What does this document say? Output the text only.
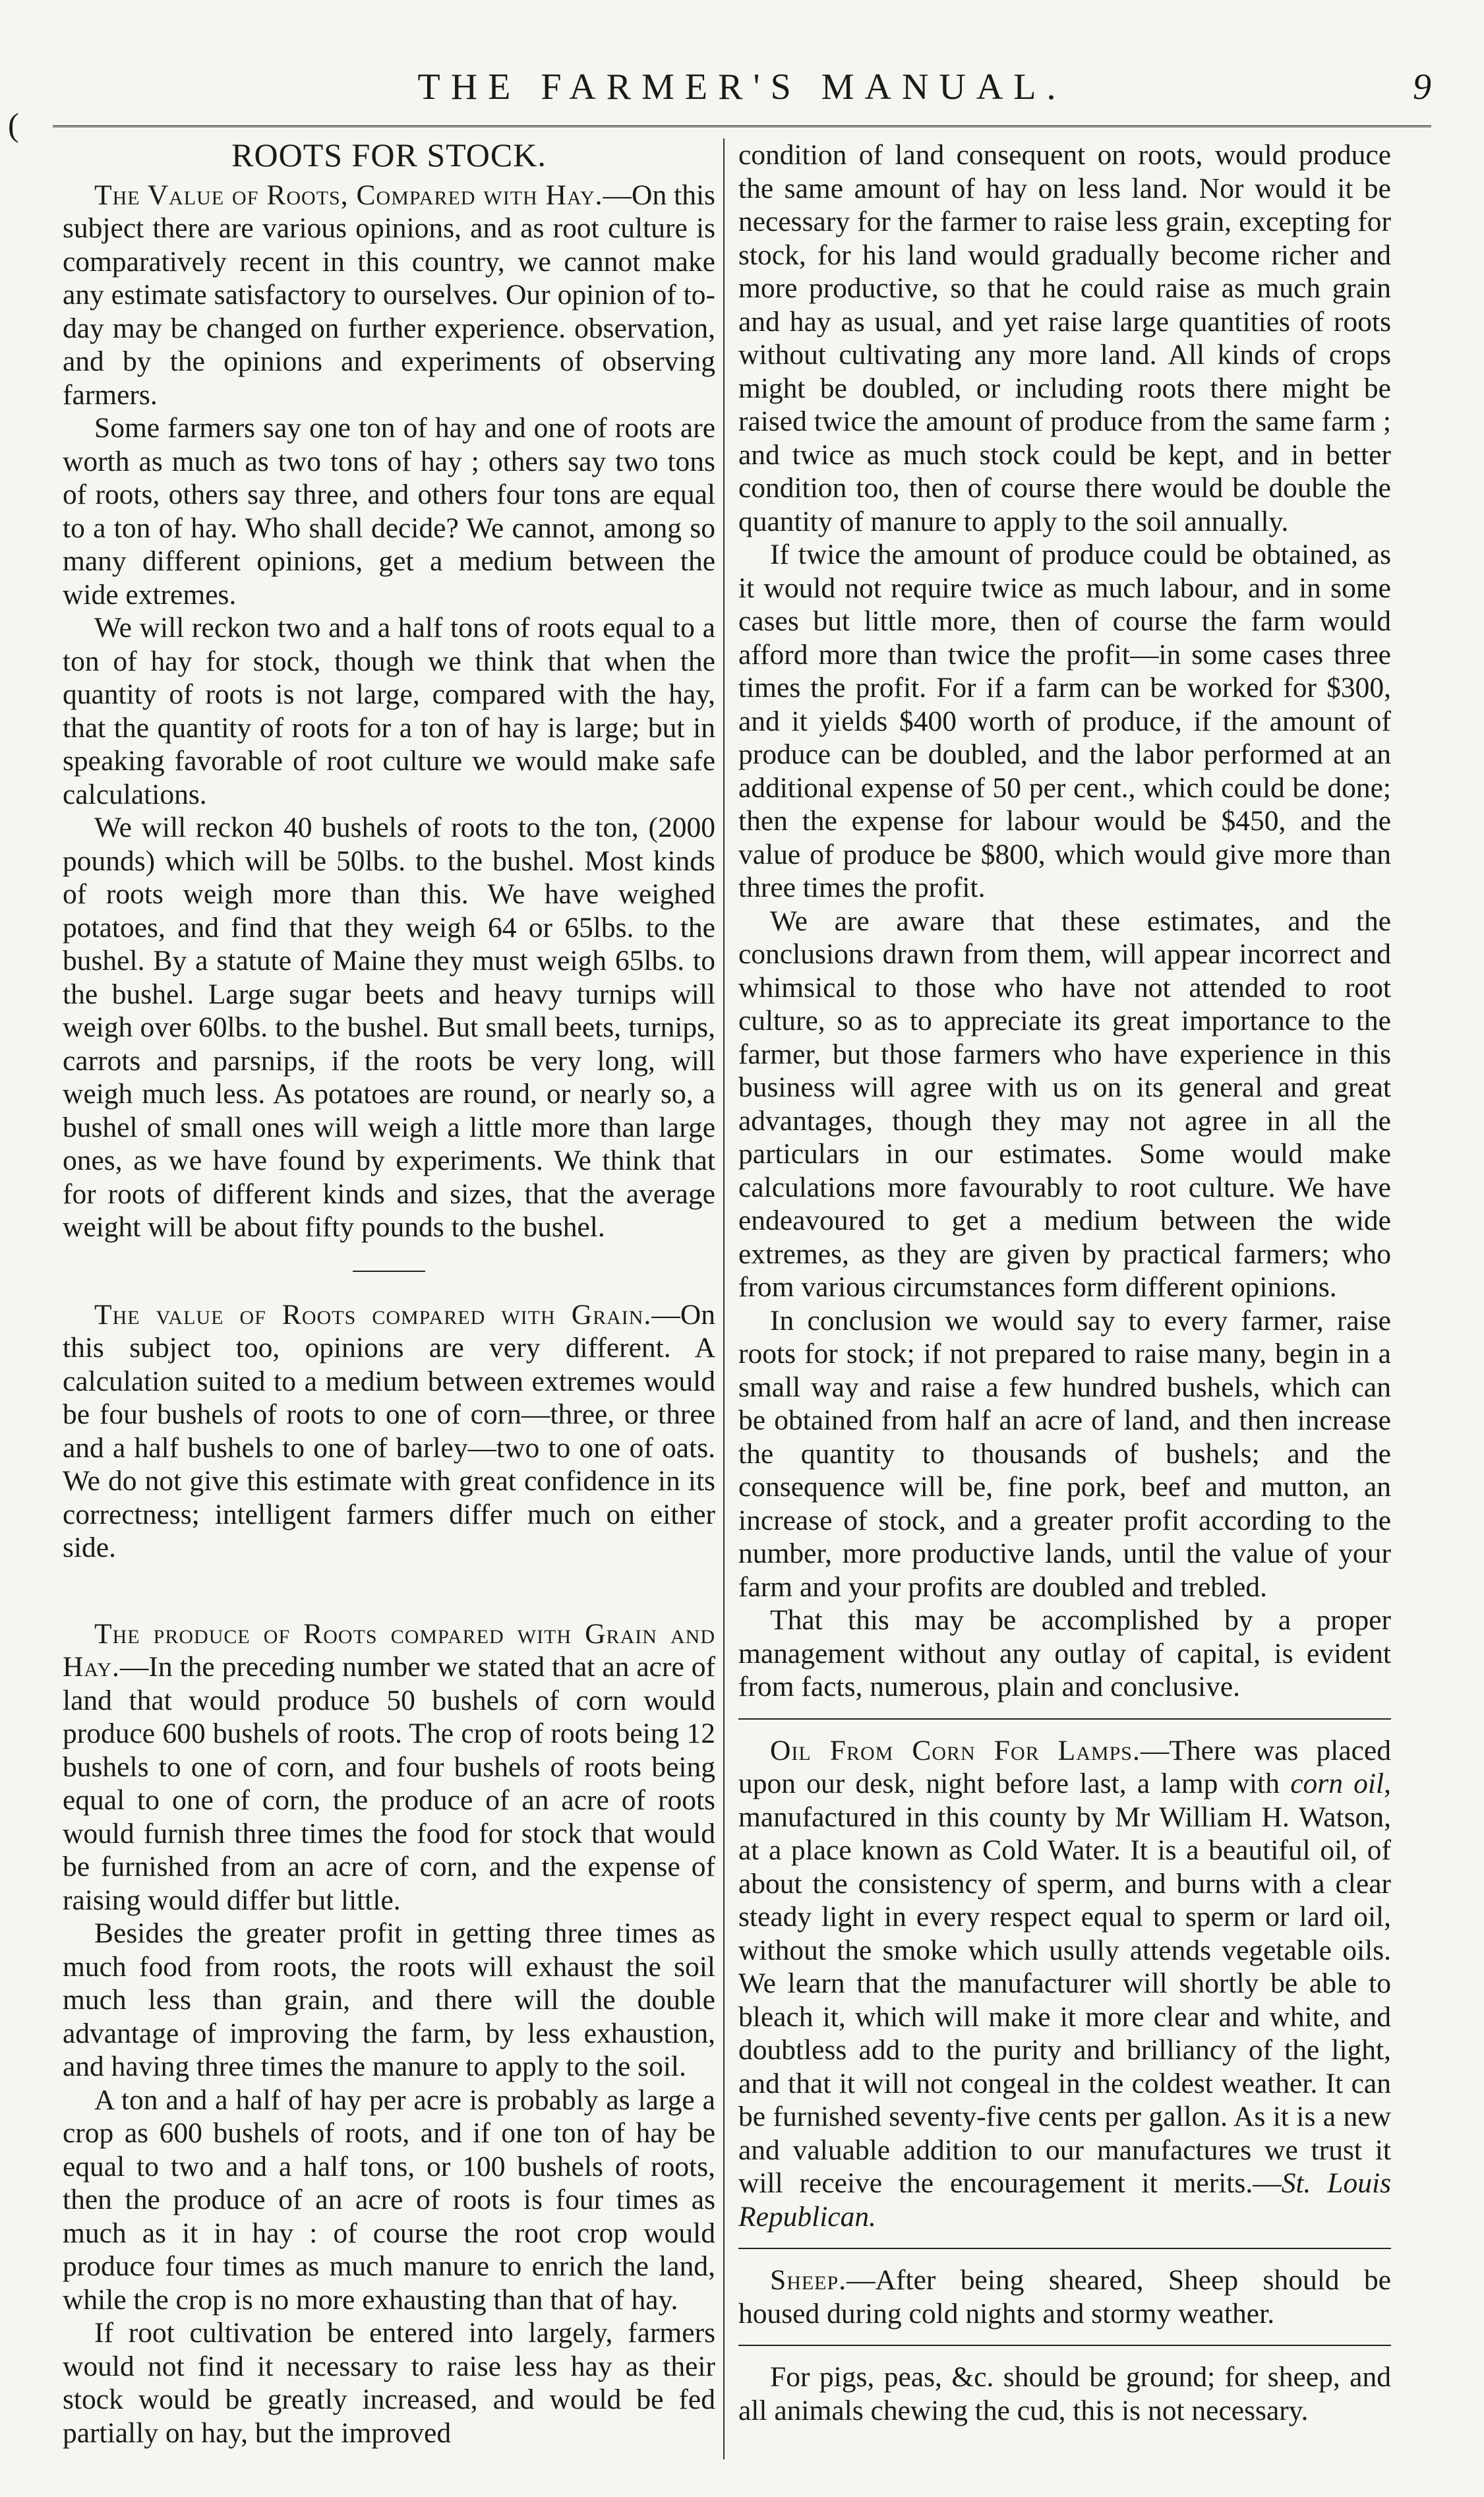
THE FARMER'S MANUAL.	9
(
ROOTS FOR STOCK.

The Value of Roots, Compared with Hay.—On this subject there are various opinions, and as root culture is comparatively recent in this country, we cannot make any estimate satisfactory to ourselves. Our opinion of to-day may be changed on further experience. observation, and by the opinions and experiments of observing farmers.

Some farmers say one ton of hay and one of roots are worth as much as two tons of hay ; others say two tons of roots, others say three, and others four tons are equal to a ton of hay. Who shall decide? We cannot, among so many different opinions, get a medium between the wide extremes.

We will reckon two and a half tons of roots equal to a ton of hay for stock, though we think that when the quantity of roots is not large, compared with the hay, that the quantity of roots for a ton of hay is large; but in speaking favorable of root culture we would make safe calculations.

We will reckon 40 bushels of roots to the ton, (2000 pounds) which will be 50lbs. to the bushel. Most kinds of roots weigh more than this. We have weighed potatoes, and find that they weigh 64 or 65lbs. to the bushel. By a statute of Maine they must weigh 65lbs. to the bushel. Large sugar beets and heavy turnips will weigh over 60lbs. to the bushel. But small beets, turnips, carrots and parsnips, if the roots be very long, will weigh much less. As potatoes are round, or nearly so, a bushel of small ones will weigh a little more than large ones, as we have found by experiments. We think that for roots of different kinds and sizes, that the average weight will be about fifty pounds to the bushel.

The value of Roots compared with Grain.—On this subject too, opinions are very different. A calculation suited to a medium between extremes would be four bushels of roots to one of corn—three, or three and a half bushels to one of barley—two to one of oats. We do not give this estimate with great confidence in its correctness; intelligent farmers differ much on either side.

The produce of Roots compared with Grain and Hay.—In the preceding number we stated that an acre of land that would produce 50 bushels of corn would produce 600 bushels of roots. The crop of roots being 12 bushels to one of corn, and four bushels of roots being equal to one of corn, the produce of an acre of roots would furnish three times the food for stock that would be furnished from an acre of corn, and the expense of raising would differ but little.

Besides the greater profit in getting three times as much food from roots, the roots will exhaust the soil much less than grain, and there will the double advantage of improving the farm, by less exhaustion, and having three times the manure to apply to the soil.

A ton and a half of hay per acre is probably as large a crop as 600 bushels of roots, and if one ton of hay be equal to two and a half tons, or 100 bushels of roots, then the produce of an acre of roots is four times as much as it in hay : of course the root crop would produce four times as much manure to enrich the land, while the crop is no more exhausting than that of hay.

If root cultivation be entered into largely, farmers would not find it necessary to raise less hay as their stock would be greatly increased, and would be fed partially on hay, but the improved

condition of land consequent on roots, would produce the same amount of hay on less land. Nor would it be necessary for the farmer to raise less grain, excepting for stock, for his land would gradually become richer and more productive, so that he could raise as much grain and hay as usual, and yet raise large quantities of roots without cultivating any more land. All kinds of crops might be doubled, or including roots there might be raised twice the amount of produce from the same farm ; and twice as much stock could be kept, and in better condition too, then of course there would be double the quantity of manure to apply to the soil annually.

If twice the amount of produce could be obtained, as it would not require twice as much labour, and in some cases but little more, then of course the farm would afford more than twice the profit—in some cases three times the profit. For if a farm can be worked for $300, and it yields $400 worth of produce, if the amount of produce can be doubled, and the labor performed at an additional expense of 50 per cent., which could be done; then the expense for labour would be $450, and the value of produce be $800, which would give more than three times the profit.

We are aware that these estimates, and the conclusions drawn from them, will appear incorrect and whimsical to those who have not attended to root culture, so as to appreciate its great importance to the farmer, but those farmers who have experience in this business will agree with us on its general and great advantages, though they may not agree in all the particulars in our estimates. Some would make calculations more favourably to root culture. We have endeavoured to get a medium between the wide extremes, as they are given by practical farmers; who from various circumstances form different opinions.

In conclusion we would say to every farmer, raise roots for stock; if not prepared to raise many, begin in a small way and raise a few hundred bushels, which can be obtained from half an acre of land, and then increase the quantity to thousands of bushels; and the consequence will be, fine pork, beef and mutton, an increase of stock, and a greater profit according to the number, more productive lands, until the value of your farm and your profits are doubled and trebled.

That this may be accomplished by a proper management without any outlay of capital, is evident from facts, numerous, plain and conclusive.

Oil From Corn For Lamps.—There was placed upon our desk, night before last, a lamp with corn oil, manufactured in this county by Mr William H. Watson, at a place known as Cold Water. It is a beautiful oil, of about the consistency of sperm, and burns with a clear steady light in every respect equal to sperm or lard oil, without the smoke which usully attends vegetable oils. We learn that the manufacturer will shortly be able to bleach it, which will make it more clear and white, and doubtless add to the purity and brilliancy of the light, and that it will not congeal in the coldest weather. It can be furnished seventy-five cents per gallon. As it is a new and valuable addition to our manufactures we trust it will receive the encouragement it merits.—St. Louis Republican.

Sheep.—After being sheared, Sheep should be housed during cold nights and stormy weather.

For pigs, peas, &c. should be ground; for sheep, and all animals chewing the cud, this is not necessary.
